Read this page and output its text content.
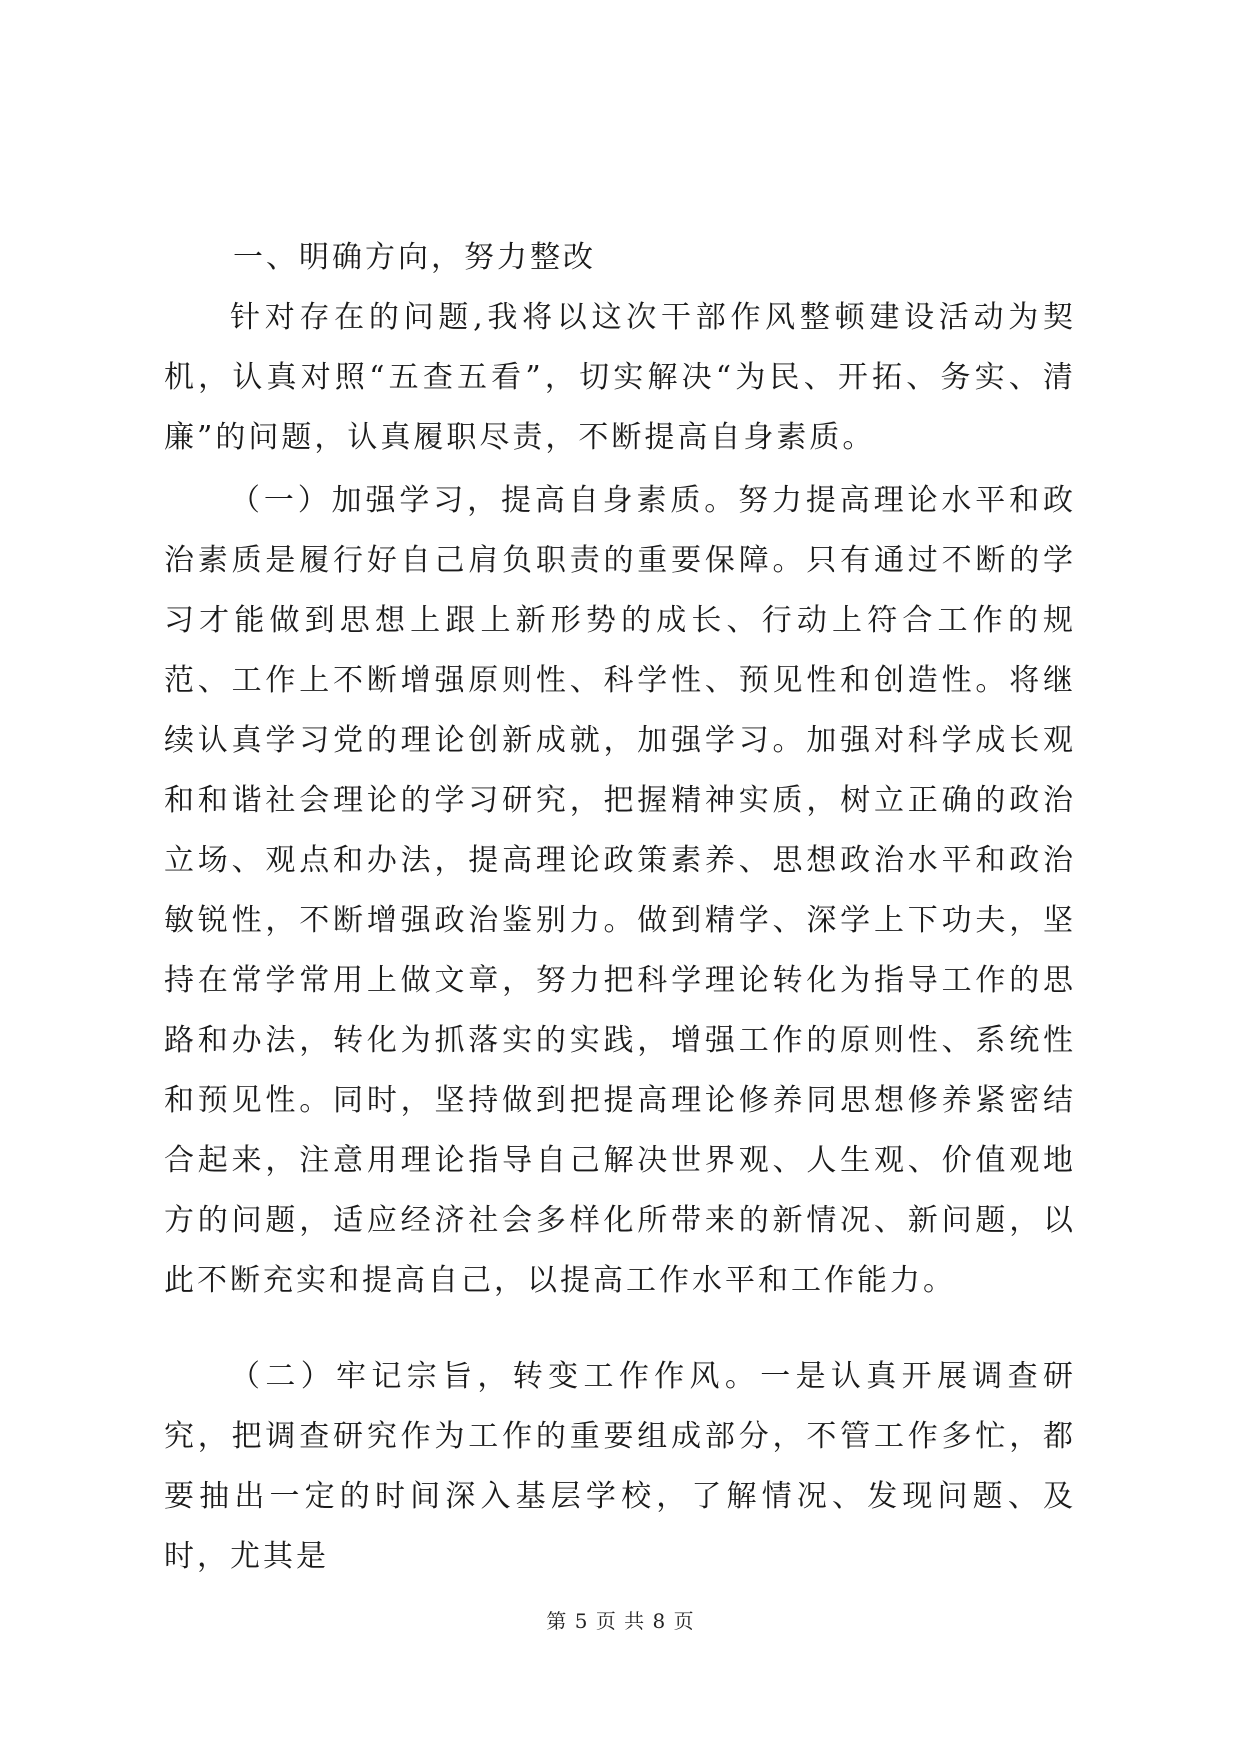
一、明确方向，努力整改

针对存在的问题,我将以这次干部作风整顿建设活动为契机，认真对照“五查五看”，切实解决“为民、开拓、务实、清廉”的问题，认真履职尽责，不断提高自身素质。

（一）加强学习，提高自身素质。努力提高理论水平和政治素质是履行好自己肩负职责的重要保障。只有通过不断的学习才能做到思想上跟上新形势的成长、行动上符合工作的规范、工作上不断增强原则性、科学性、预见性和创造性。将继续认真学习党的理论创新成就，加强学习。加强对科学成长观和和谐社会理论的学习研究，把握精神实质，树立正确的政治立场、观点和办法，提高理论政策素养、思想政治水平和政治敏锐性，不断增强政治鉴别力。做到精学、深学上下功夫，坚持在常学常用上做文章，努力把科学理论转化为指导工作的思路和办法，转化为抓落实的实践，增强工作的原则性、系统性和预见性。同时，坚持做到把提高理论修养同思想修养紧密结合起来，注意用理论指导自己解决世界观、人生观、价值观地方的问题，适应经济社会多样化所带来的新情况、新问题，以此不断充实和提高自己，以提高工作水平和工作能力。

（二）牢记宗旨，转变工作作风。一是认真开展调查研究，把调查研究作为工作的重要组成部分，不管工作多忙，都要抽出一定的时间深入基层学校，了解情况、发现问题、及时，尤其是

第 5 页 共 8 页
